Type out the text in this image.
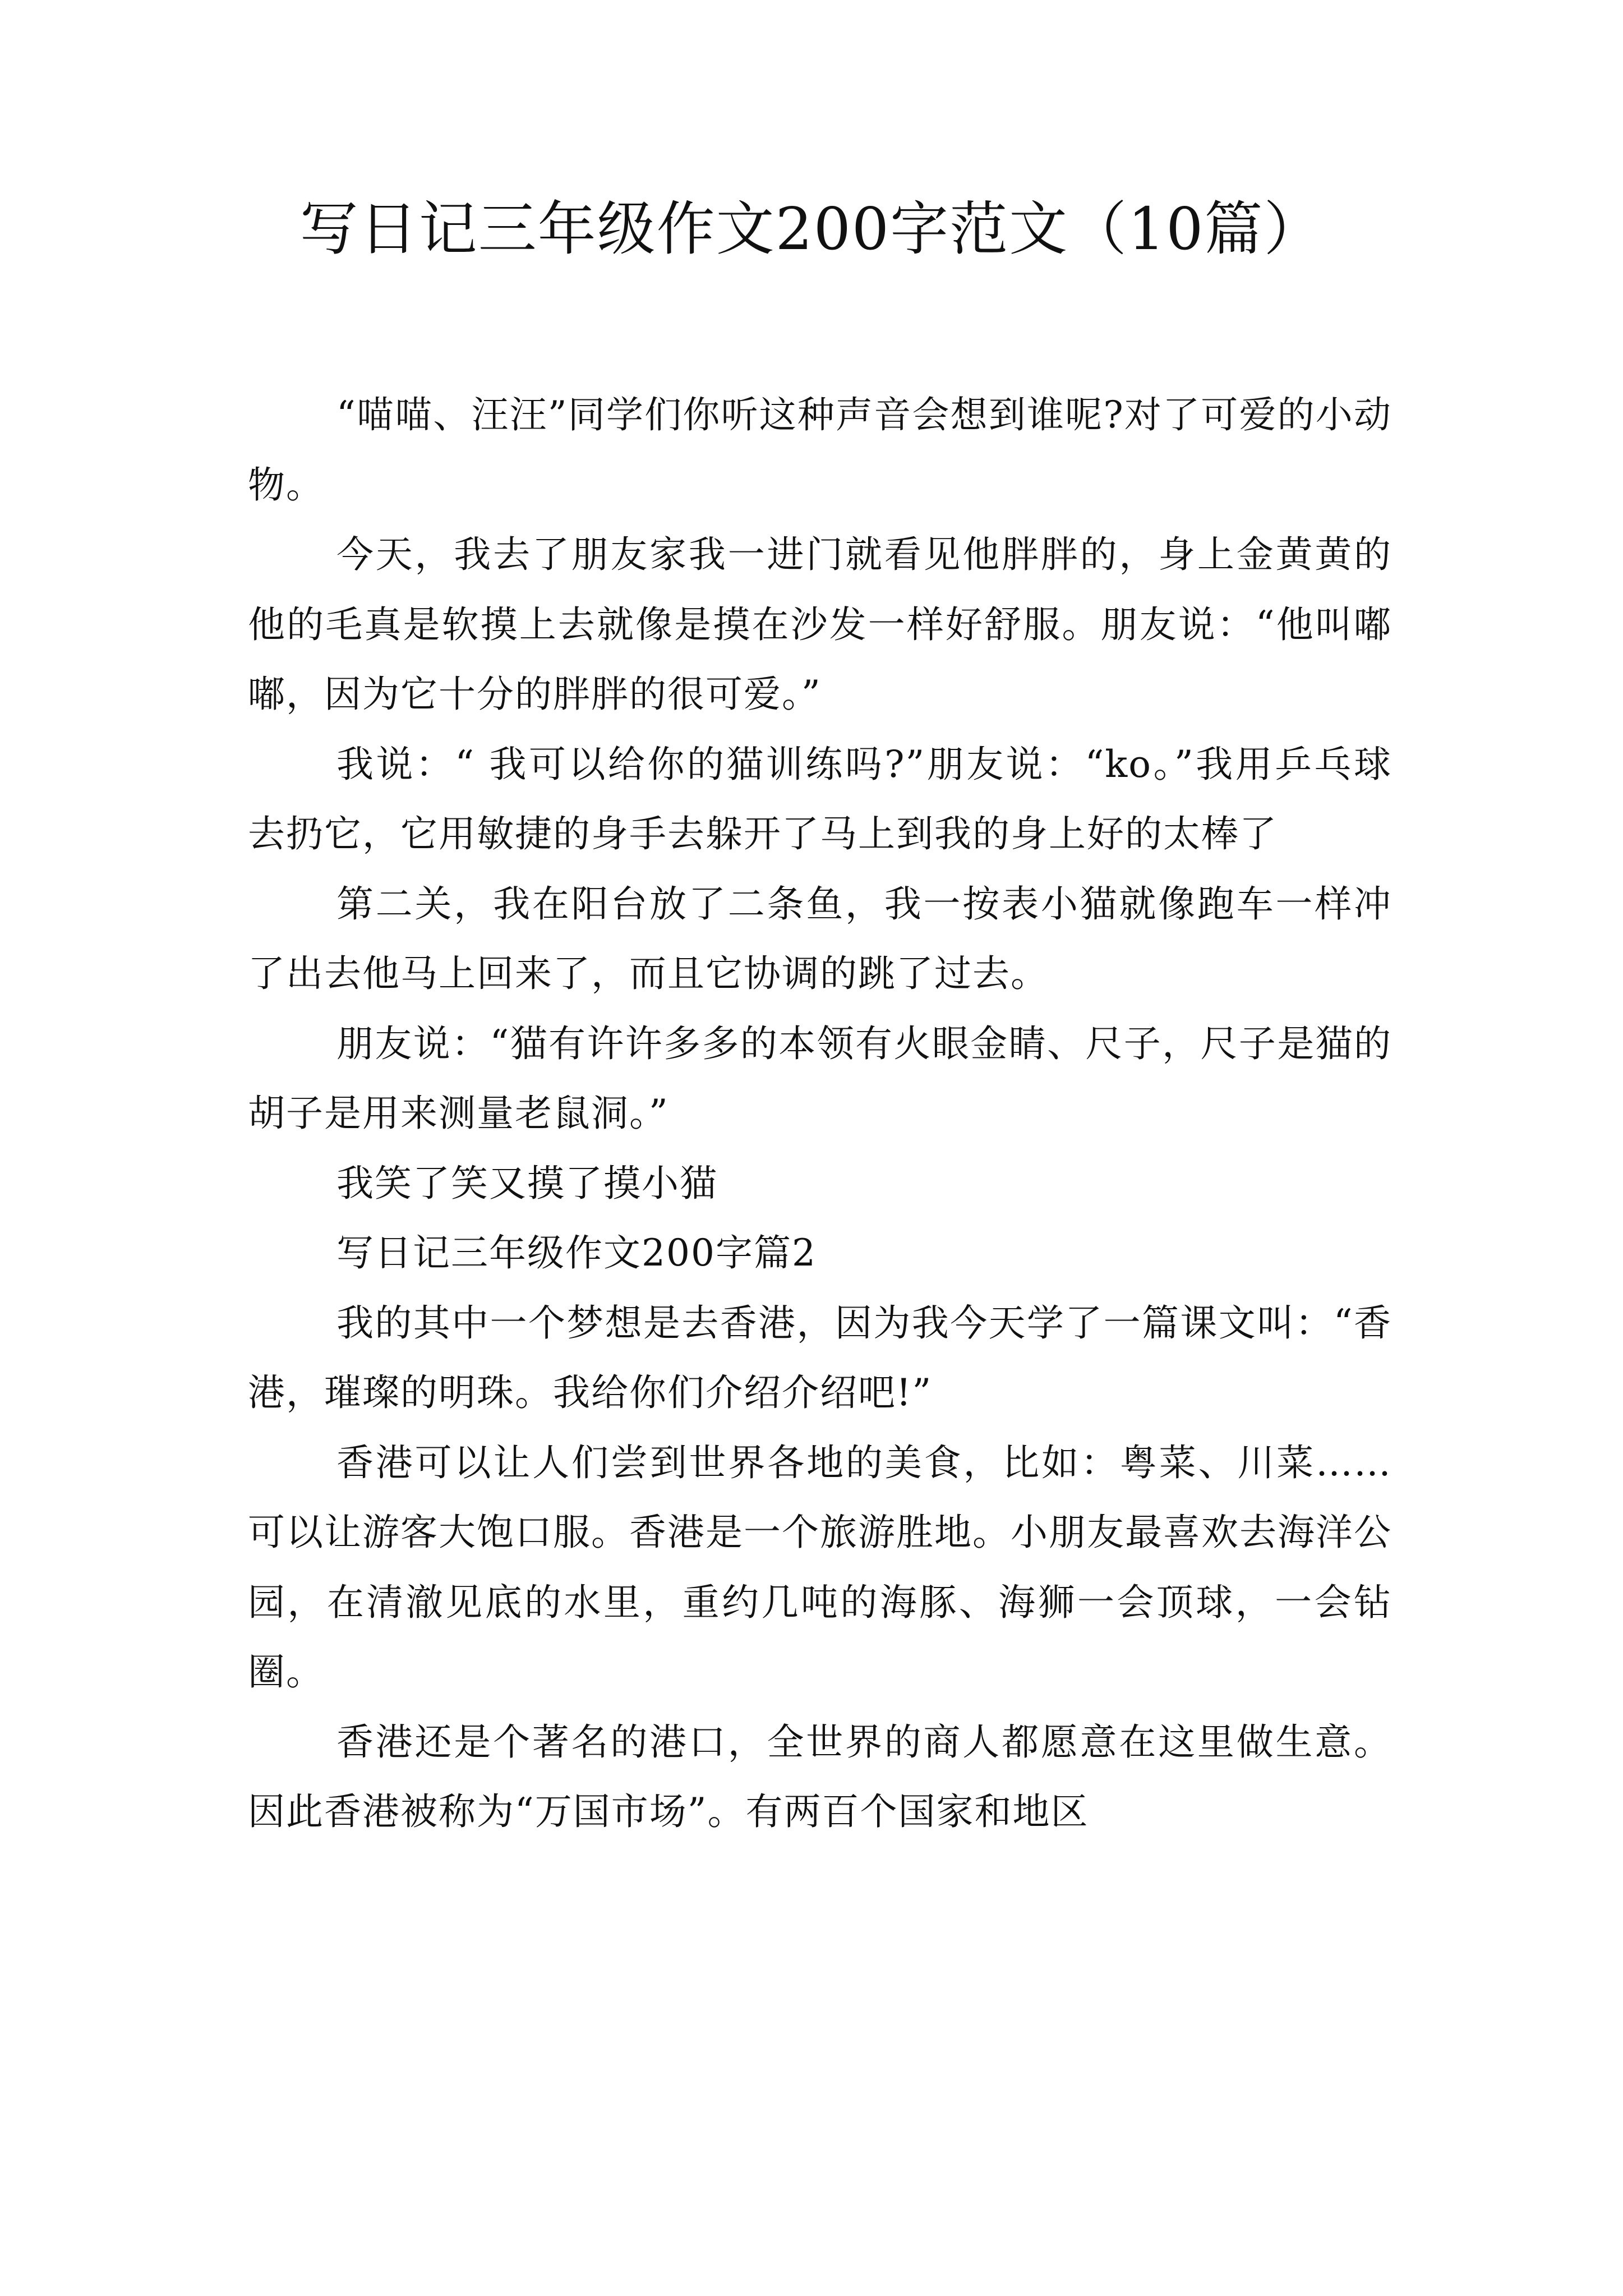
写日记三年级作文200字范文（10篇）

“喵喵、汪汪”同学们你听这种声音会想到谁呢?对了可爱的小动物。

今天，我去了朋友家我一进门就看见他胖胖的，身上金黄黄的他的毛真是软摸上去就像是摸在沙发一样好舒服。朋友说：“他叫嘟嘟，因为它十分的胖胖的很可爱。”

我说：“ 我可以给你的猫训练吗?”朋友说：“ko。”我用乒乓球去扔它，它用敏捷的身手去躲开了马上到我的身上好的太棒了

第二关，我在阳台放了二条鱼，我一按表小猫就像跑车一样冲了出去他马上回来了，而且它协调的跳了过去。

朋友说：“猫有许许多多的本领有火眼金睛、尺子，尺子是猫的胡子是用来测量老鼠洞。”

我笑了笑又摸了摸小猫

写日记三年级作文200字篇2

我的其中一个梦想是去香港，因为我今天学了一篇课文叫：“香港，璀璨的明珠。我给你们介绍介绍吧!”

香港可以让人们尝到世界各地的美食，比如：粤菜、川菜……可以让游客大饱口服。香港是一个旅游胜地。小朋友最喜欢去海洋公园，在清澈见底的水里，重约几吨的海豚、海狮一会顶球，一会钻圈。

香港还是个著名的港口，全世界的商人都愿意在这里做生意。因此香港被称为“万国市场”。有两百个国家和地区
